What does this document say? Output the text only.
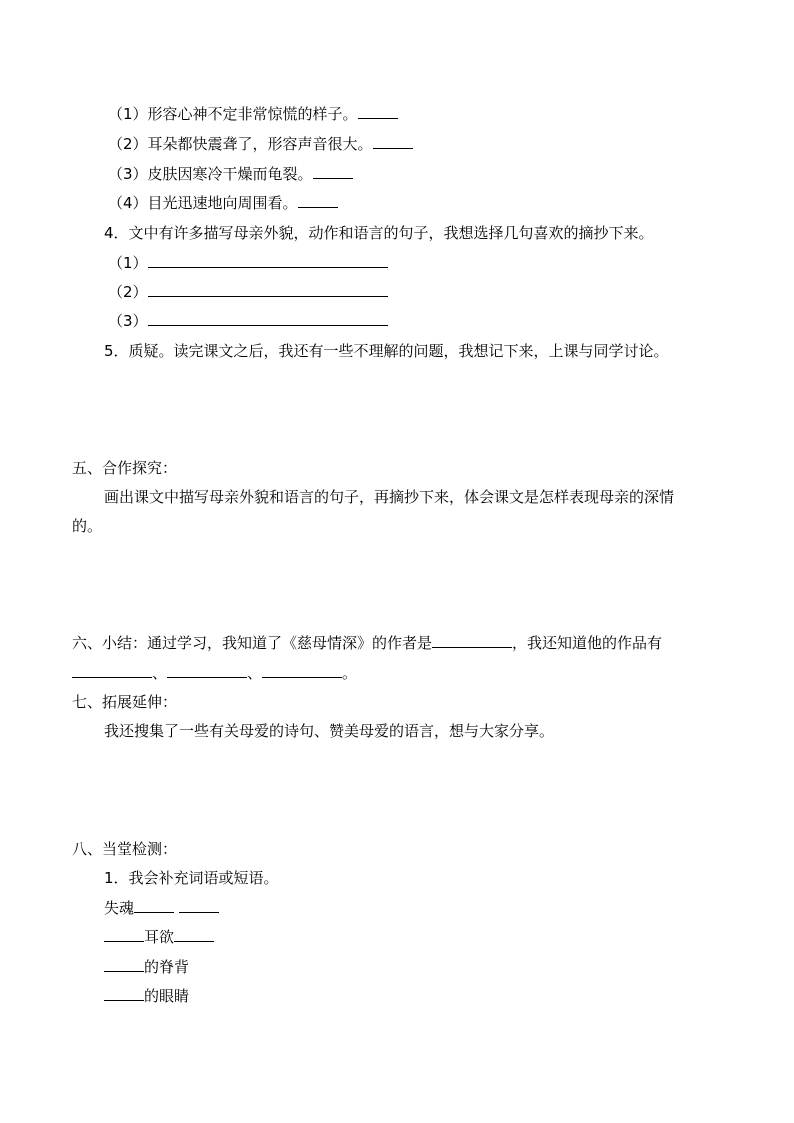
（1）形容心神不定非常惊慌的样子。
（2）耳朵都快震聋了，形容声音很大。
（3）皮肤因寒冷干燥而龟裂。
（4）目光迅速地向周围看。
4．文中有许多描写母亲外貌，动作和语言的句子，我想选择几句喜欢的摘抄下来。
（1）
（2）
（3）
5．质疑。读完课文之后，我还有一些不理解的问题，我想记下来，上课与同学讨论。
五、合作探究：
画出课文中描写母亲外貌和语言的句子，再摘抄下来，体会课文是怎样表现母亲的深情
的。
六、小结：通过学习，我知道了《慈母情深》的作者是	，我还知道他的作品有
、	、	。
七、拓展延伸：
我还搜集了一些有关母爱的诗句、赞美母爱的语言，想与大家分享。
八、当堂检测：
1．我会补充词语或短语。
失魂
耳欲
的脊背
的眼睛
